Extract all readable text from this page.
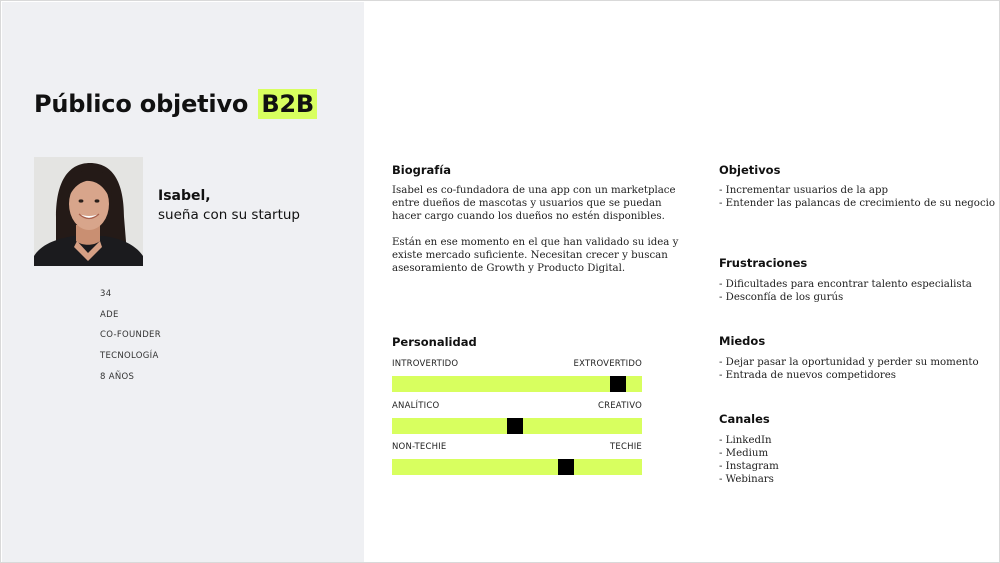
Público objetivo B2B
Isabel,
sueña con su startup
34
ADE
CO-FOUNDER
TECNOLOGÍA
8 AÑOS
Biografía

Isabel es co-fundadora de una app con un marketplace entre dueños de mascotas y usuarios que se puedan hacer cargo cuando los dueños no estén disponibles.

Están en ese momento en el que han validado su idea y existe mercado suficiente. Necesitan crecer y buscan asesoramiento de Growth y Producto Digital.

Personalidad
INTROVERTIDO	EXTROVERTIDO
ANALÍTICO	CREATIVO
NON-TECHIE	TECHIE
Objetivos
- Incrementar usuarios de la app
- Entender las palancas de crecimiento de su negocio
Frustraciones
- Dificultades para encontrar talento especialista
- Desconfía de los gurús
Miedos
- Dejar pasar la oportunidad y perder su momento
- Entrada de nuevos competidores
Canales
- LinkedIn
- Medium
- Instagram
- Webinars
